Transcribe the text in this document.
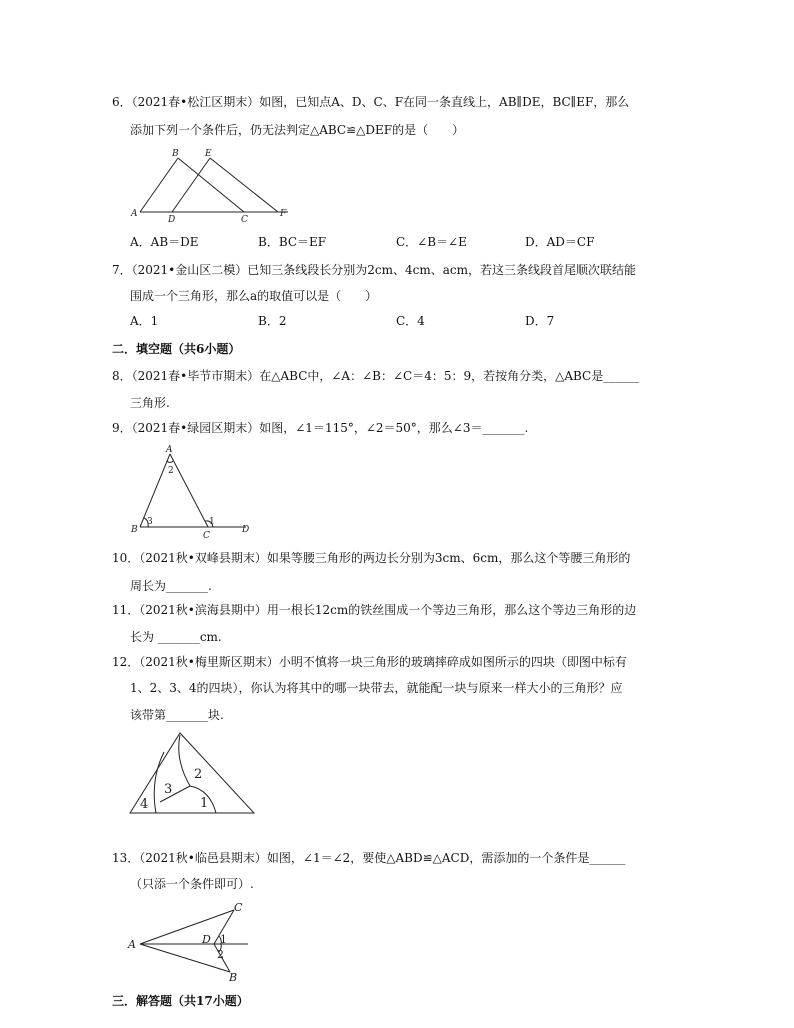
6．（2021春•松江区期末）如图，已知点A、D、C、F在同一条直线上，AB∥DE，BC∥EF，那么
添加下列一个条件后，仍无法判定△ABC≌△DEF的是（　　）
B	E
A
D	C
F
A．AB＝DE	B．BC＝EF	C．∠B＝∠E	D．AD＝CF
7．（2021•金山区二模）已知三条线段长分别为2cm、4cm、acm，若这三条线段首尾顺次联结能
围成一个三角形，那么a的取值可以是（　　）
A．1	B．2	C．4	D．7
二．填空题（共6小题）
8．（2021春•毕节市期末）在△ABC中，∠A：∠B：∠C＝4：5：9，若按角分类，△ABC是______
三角形.
9．（2021春•绿园区期末）如图，∠1＝115°，∠2＝50°，那么∠3＝_______.
A
2
B
3
C
1
D
10．（2021秋•双峰县期末）如果等腰三角形的两边长分别为3cm、6cm，那么这个等腰三角形的
周长为_______.
11．（2021秋•滨海县期中）用一根长12cm的铁丝围成一个等边三角形，那么这个等边三角形的边
长为 _______cm.
12．（2021秋•梅里斯区期末）小明不慎将一块三角形的玻璃摔碎成如图所示的四块（即图中标有
1、2、3、4的四块），你认为将其中的哪一块带去，就能配一块与原来一样大小的三角形？应
该带第_______块.
2
3
4	1
13．（2021秋•临邑县期末）如图，∠1＝∠2，要使△ABD≌△ACD，需添加的一个条件是______
（只添一个条件即可）.
C
A	D 1
2
B
三．解答题（共17小题）
